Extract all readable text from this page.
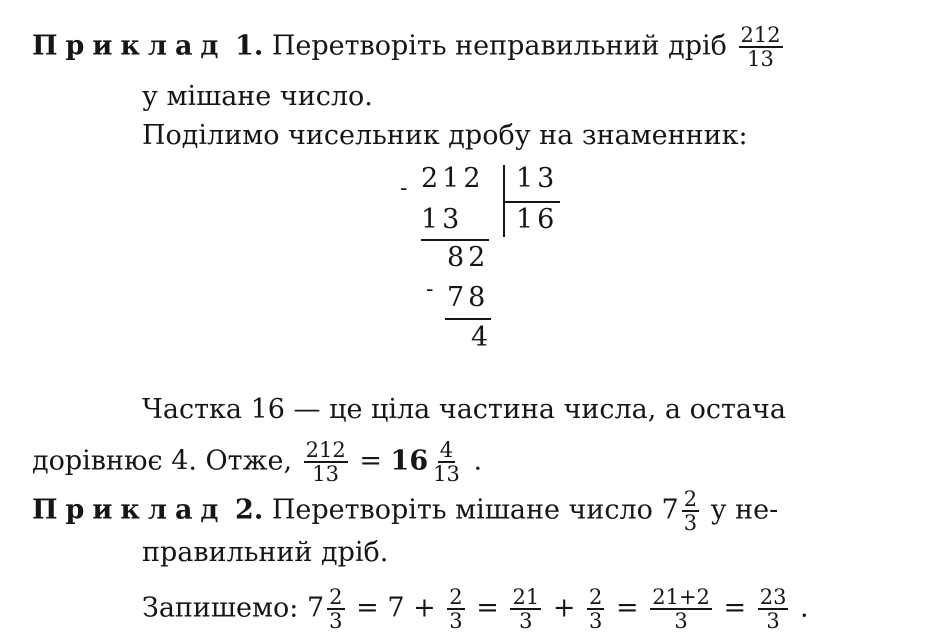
Приклад 1. Перетворіть неправильний дріб $\frac{212}{13}$
у мішане число.
Поділимо чисельник дробу на знаменник:
- 212 13
13 16
82
- 78
4
Частка 16 — це ціла частина числа, а остача
дорівнює 4. Отже, $\frac{212}{13} = 16 \frac{4}{13}$ .
Приклад 2. Перетворіть мішане число $7 \frac{2}{3}$ у не-
правильний дріб.
Запишемо: $7 \frac{2}{3} = 7 + \frac{2}{3} = \frac{21}{3} + \frac{2}{3} = \frac{21+2}{3} = \frac{23}{3}$ .
